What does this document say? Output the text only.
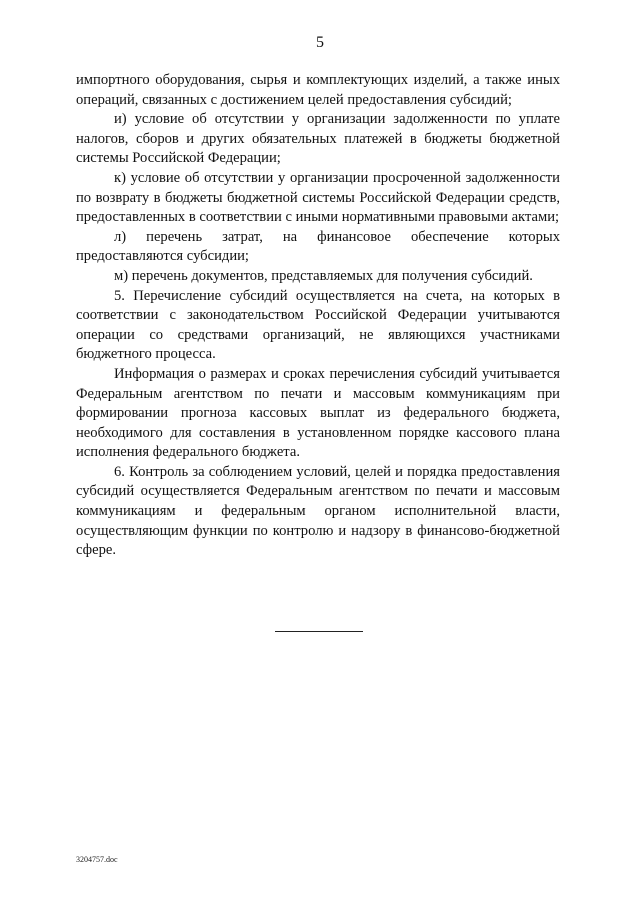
5

импортного оборудования, сырья и комплектующих изделий, а также иных операций, связанных с достижением целей предоставления субсидий;

и) условие об отсутствии у организации задолженности по уплате налогов, сборов и других обязательных платежей в бюджеты бюджетной системы Российской Федерации;

к) условие об отсутствии у организации просроченной задолженности по возврату в бюджеты бюджетной системы Российской Федерации средств, предоставленных в соответствии с иными нормативными правовыми актами;

л) перечень затрат, на финансовое обеспечение которых предоставляются субсидии;

м) перечень документов, представляемых для получения субсидий.

5. Перечисление субсидий осуществляется на счета, на которых в соответствии с законодательством Российской Федерации учитываются операции со средствами организаций, не являющихся участниками бюджетного процесса.

Информация о размерах и сроках перечисления субсидий учитывается Федеральным агентством по печати и массовым коммуникациям при формировании прогноза кассовых выплат из федерального бюджета, необходимого для составления в установленном порядке кассового плана исполнения федерального бюджета.

6. Контроль за соблюдением условий, целей и порядка предоставления субсидий осуществляется Федеральным агентством по печати и массовым коммуникациям и федеральным органом исполнительной власти, осуществляющим функции по контролю и надзору в финансово-бюджетной сфере.

3204757.doc
